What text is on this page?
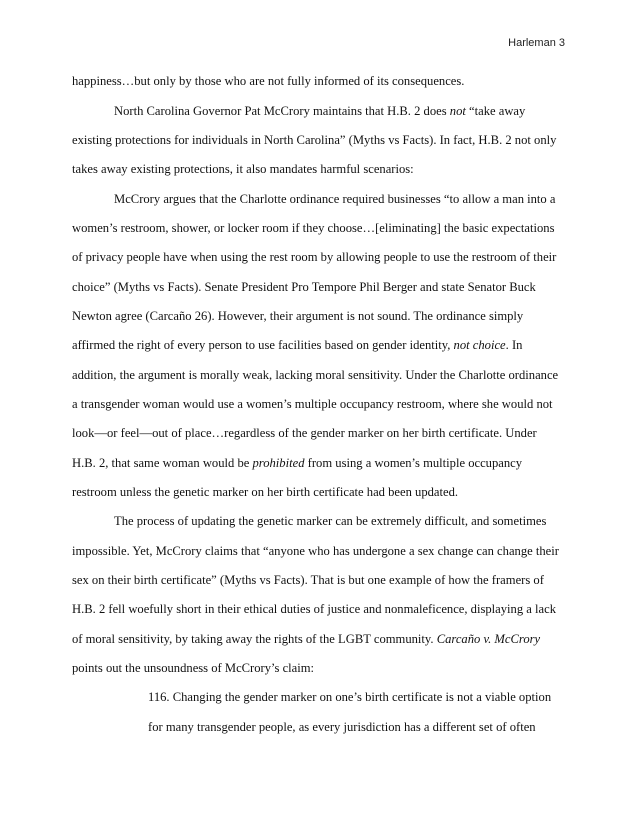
Harleman 3
happiness…but only by those who are not fully informed of its consequences.
North Carolina Governor Pat McCrory maintains that H.B. 2 does not “take away
existing protections for individuals in North Carolina” (Myths vs Facts). In fact, H.B. 2 not only
takes away existing protections, it also mandates harmful scenarios:
McCrory argues that the Charlotte ordinance required businesses “to allow a man into a
women’s restroom, shower, or locker room if they choose…[eliminating] the basic expectations
of privacy people have when using the rest room by allowing people to use the restroom of their
choice” (Myths vs Facts). Senate President Pro Tempore Phil Berger and state Senator Buck
Newton agree (Carcaño 26). However, their argument is not sound. The ordinance simply
affirmed the right of every person to use facilities based on gender identity, not choice. In
addition, the argument is morally weak, lacking moral sensitivity. Under the Charlotte ordinance
a transgender woman would use a women’s multiple occupancy restroom, where she would not
look—or feel—out of place…regardless of the gender marker on her birth certificate. Under
H.B. 2, that same woman would be prohibited from using a women’s multiple occupancy
restroom unless the genetic marker on her birth certificate had been updated.
The process of updating the genetic marker can be extremely difficult, and sometimes
impossible. Yet, McCrory claims that “anyone who has undergone a sex change can change their
sex on their birth certificate” (Myths vs Facts). That is but one example of how the framers of
H.B. 2 fell woefully short in their ethical duties of justice and nonmaleficence, displaying a lack
of moral sensitivity, by taking away the rights of the LGBT community. Carcaño v. McCrory
points out the unsoundness of McCrory’s claim:
116. Changing the gender marker on one’s birth certificate is not a viable option
for many transgender people, as every jurisdiction has a different set of often
